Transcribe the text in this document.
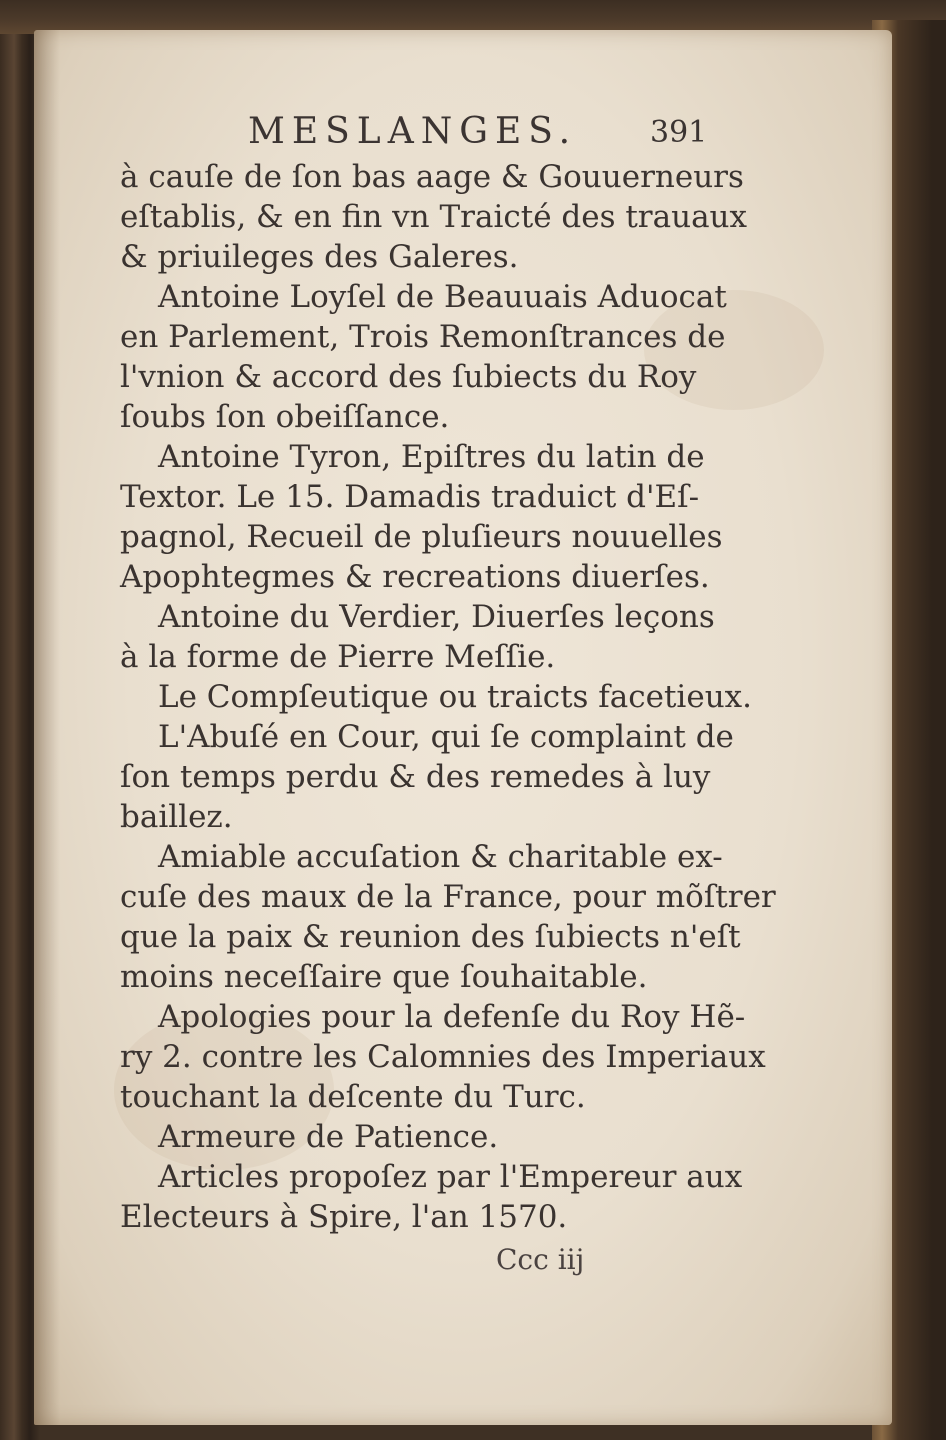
MESLANGES. 391
à cauſe de ſon bas aage & Gouuerneurs
eſtablis, & en fin vn Traicté des trauaux
& priuileges des Galeres.
Antoine Loyſel de Beauuais Aduocat
en Parlement, Trois Remonſtrances de
l'vnion & accord des ſubiects du Roy
ſoubs ſon obeiſſance.
Antoine Tyron, Epiſtres du latin de
Textor. Le 15. Damadis traduict d'Eſ-
pagnol, Recueil de pluſieurs nouuelles
Apophtegmes & recreations diuerſes.
Antoine du Verdier, Diuerſes leçons
à la forme de Pierre Meſſie.
Le Compſeutique ou traicts facetieux.
L'Abuſé en Cour, qui ſe complaint de
ſon temps perdu & des remedes à luy
baillez.
Amiable accuſation & charitable ex-
cuſe des maux de la France, pour mõſtrer
que la paix & reunion des ſubiects n'eſt
moins neceſſaire que ſouhaitable.
Apologies pour la defenſe du Roy Hẽ-
ry 2. contre les Calomnies des Imperiaux
touchant la deſcente du Turc.
Armeure de Patience.
Articles propoſez par l'Empereur aux
Electeurs à Spire, l'an 1570.
Ccc iij
